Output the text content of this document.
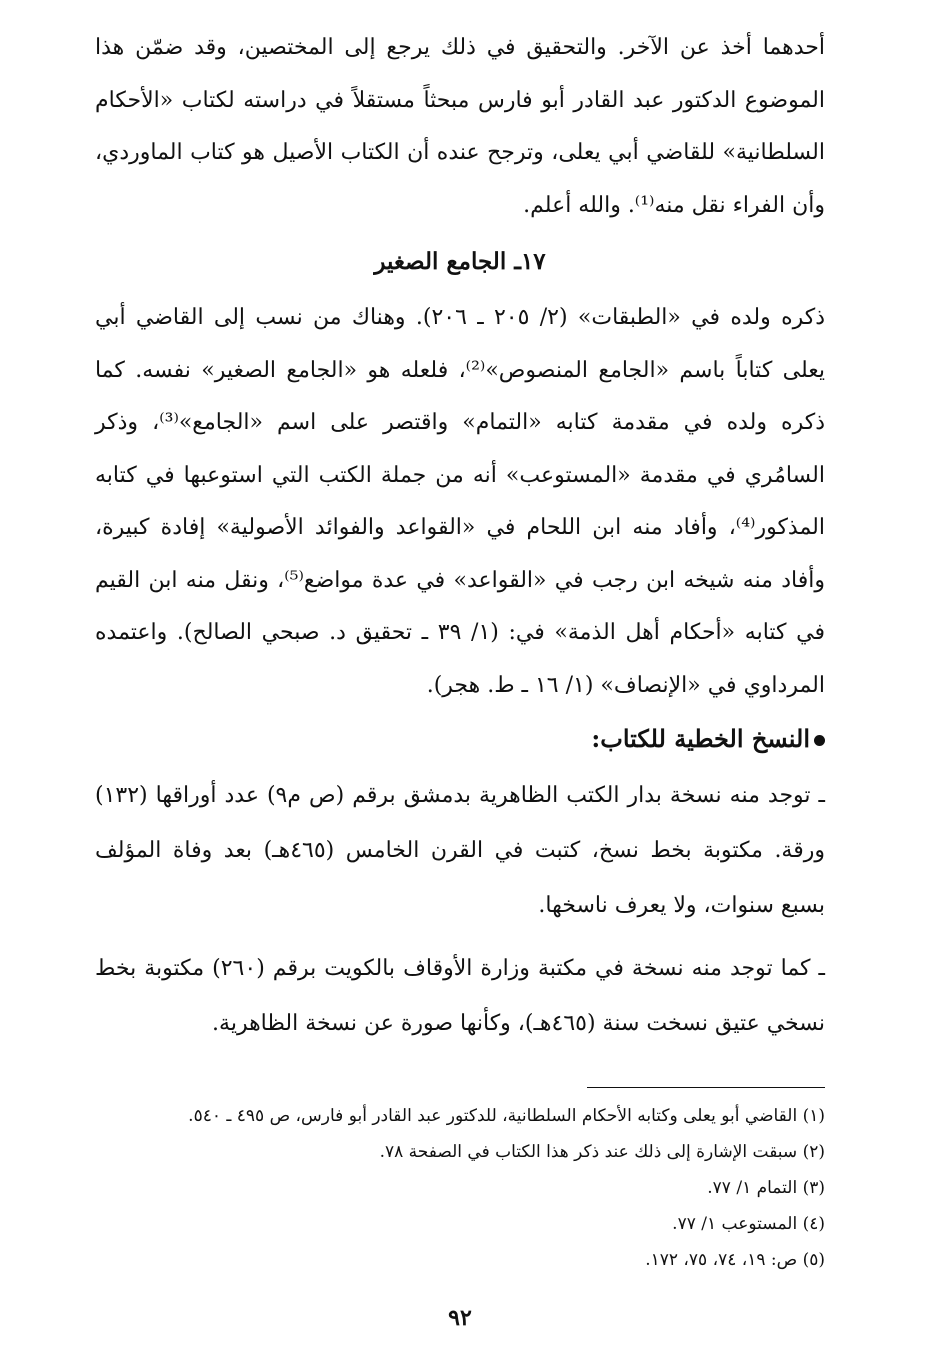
أحدهما أخذ عن الآخر. والتحقيق في ذلك يرجع إلى المختصين، وقد ضمّن هذا الموضوع الدكتور عبد القادر أبو فارس مبحثاً مستقلاً في دراسته لكتاب «الأحكام السلطانية» للقاضي أبي يعلى، وترجح عنده أن الكتاب الأصيل هو كتاب الماوردي، وأن الفراء نقل منه⁽¹⁾. والله أعلم.

١٧ـ الجامع الصغير

ذكره ولده في «الطبقات» (٢/ ٢٠٥ ـ ٢٠٦). وهناك من نسب إلى القاضي أبي يعلى كتاباً باسم «الجامع المنصوص»⁽²⁾، فلعله هو «الجامع الصغير» نفسه. كما ذكره ولده في مقدمة كتابه «التمام» واقتصر على اسم «الجامع»⁽³⁾، وذكر السامُري في مقدمة «المستوعب» أنه من جملة الكتب التي استوعبها في كتابه المذكور⁽⁴⁾، وأفاد منه ابن اللحام في «القواعد والفوائد الأصولية» إفادة كبيرة، وأفاد منه شيخه ابن رجب في «القواعد» في عدة مواضع⁽⁵⁾، ونقل منه ابن القيم في كتابه «أحكام أهل الذمة» في: (١/ ٣٩ ـ تحقيق د. صبحي الصالح). واعتمده المرداوي في «الإنصاف» (١/ ١٦ ـ ط. هجر).

النسخ الخطية للكتاب:

ـ توجد منه نسخة بدار الكتب الظاهرية بدمشق برقم (ص م٩) عدد أوراقها (١٣٢) ورقة. مكتوبة بخط نسخ، كتبت في القرن الخامس (٤٦٥هـ) بعد وفاة المؤلف بسبع سنوات، ولا يعرف ناسخها.

ـ كما توجد منه نسخة في مكتبة وزارة الأوقاف بالكويت برقم (٢٦٠) مكتوبة بخط نسخي عتيق نسخت سنة (٤٦٥هـ)، وكأنها صورة عن نسخة الظاهرية.

(١) القاضي أبو يعلى وكتابه الأحكام السلطانية، للدكتور عبد القادر أبو فارس، ص ٤٩٥ ـ ٥٤٠.
(٢) سبقت الإشارة إلى ذلك عند ذكر هذا الكتاب في الصفحة ٧٨.
(٣) التمام ١/ ٧٧.
(٤) المستوعب ١/ ٧٧.
(٥) ص: ١٩، ٧٤، ٧٥، ١٧٢.
٩٢
